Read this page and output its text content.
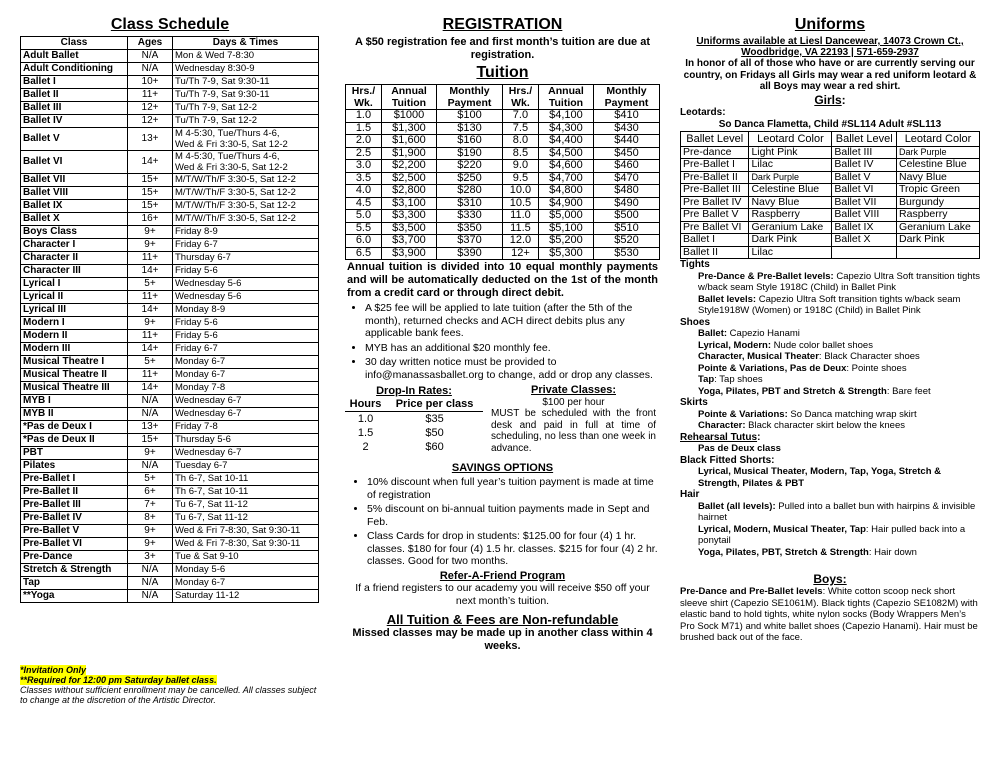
Class Schedule
Class	Ages	Days & Times
Adult Ballet	N/A	Mon & Wed 7-8:30
Adult Conditioning	N/A	Wednesday 8:30-9
Ballet I	10+	Tu/Th 7-9, Sat 9:30-11
Ballet II	11+	Tu/Th 7-9, Sat 9:30-11
Ballet III	12+	Tu/Th 7-9, Sat 12-2
Ballet IV	12+	Tu/Th 7-9, Sat 12-2
Ballet V	13+	M 4-5:30, Tue/Thurs 4-6,
Wed & Fri 3:30-5, Sat 12-2
Ballet VI	14+	M 4-5:30, Tue/Thurs 4-6,
Wed & Fri 3:30-5, Sat 12-2
Ballet VII	15+	M/T/W/Th/F 3:30-5, Sat 12-2
Ballet VIII	15+	M/T/W/Th/F 3:30-5, Sat 12-2
Ballet IX	15+	M/T/W/Th/F 3:30-5, Sat 12-2
Ballet X	16+	M/T/W/Th/F 3:30-5, Sat 12-2
Boys Class	9+	Friday 8-9
Character I	9+	Friday 6-7
Character II	11+	Thursday 6-7
Character III	14+	Friday 5-6
Lyrical I	5+	Wednesday 5-6
Lyrical II	11+	Wednesday 5-6
Lyrical III	14+	Monday 8-9
Modern I	9+	Friday 5-6
Modern II	11+	Friday 5-6
Modern III	14+	Friday 6-7
Musical Theatre I	5+	Monday 6-7
Musical Theatre II	11+	Monday 6-7
Musical Theatre III	14+	Monday 7-8
MYB I	N/A	Wednesday 6-7
MYB II	N/A	Wednesday 6-7
*Pas de Deux I	13+	Friday 7-8
*Pas de Deux II	15+	Thursday 5-6
PBT	9+	Wednesday 6-7
Pilates	N/A	Tuesday 6-7
Pre-Ballet I	5+	Th 6-7, Sat 10-11
Pre-Ballet II	6+	Th 6-7, Sat 10-11
Pre-Ballet III	7+	Tu 6-7, Sat 11-12
Pre-Ballet IV	8+	Tu 6-7, Sat 11-12
Pre-Ballet V	9+	Wed & Fri 7-8:30, Sat 9:30-11
Pre-Ballet VI	9+	Wed & Fri 7-8:30, Sat 9:30-11
Pre-Dance	3+	Tue & Sat 9-10
Stretch & Strength	N/A	Monday 5-6
Tap	N/A	Monday 6-7
**Yoga	N/A	Saturday 11-12
*Invitation Only
**Required for 12:00 pm Saturday ballet class.
Classes without sufficient enrollment may be cancelled. All classes subject to change at the discretion of the Artistic Director.
REGISTRATION
A $50 registration fee and first month’s tuition are due at registration.
Tuition
Hrs./ Wk.	Annual Tuition	Monthly Payment	Hrs./ Wk.	Annual Tuition	Monthly Payment
1.0	$1000	$100	7.0	$4,100	$410
1.5	$1,300	$130	7.5	$4,300	$430
2.0	$1,600	$160	8.0	$4,400	$440
2.5	$1,900	$190	8.5	$4,500	$450
3.0	$2,200	$220	9.0	$4,600	$460
3.5	$2,500	$250	9.5	$4,700	$470
4.0	$2,800	$280	10.0	$4,800	$480
4.5	$3,100	$310	10.5	$4,900	$490
5.0	$3,300	$330	11.0	$5,000	$500
5.5	$3,500	$350	11.5	$5,100	$510
6.0	$3,700	$370	12.0	$5,200	$520
6.5	$3,900	$390	12+	$5,300	$530
Annual tuition is divided into 10 equal monthly payments and will be automatically deducted on the 1st of the month from a credit card or through direct debit.
• A $25 fee will be applied to late tuition (after the 5th of the month), returned checks and ACH direct debits plus any applicable bank fees.
• MYB has an additional $20 monthly fee.
• 30 day written notice must be provided to info@manassasballet.org to change, add or drop any classes.
Drop-In Rates:
Hours	Price per class
1.0	$35
1.5	$50
2	$60
Private Classes:
$100 per hour
MUST be scheduled with the front desk and paid in full at time of scheduling, no less than one week in advance.
SAVINGS OPTIONS
• 10% discount when full year’s tuition payment is made at time of registration
• 5% discount on bi-annual tuition payments made in Sept and Feb.
• Class Cards for drop in students: $125.00 for four (4) 1 hr. classes. $180 for four (4) 1.5 hr. classes. $215 for four (4) 2 hr. classes. Good for two months.
Refer-A-Friend Program
If a friend registers to our academy you will receive $50 off your next month’s tuition.
All Tuition & Fees are Non-refundable
Missed classes may be made up in another class within 4 weeks.
Uniforms
Uniforms available at Liesl Dancewear, 14073 Crown Ct., Woodbridge, VA 22193 | 571-659-2937
In honor of all of those who have or are currently serving our country, on Fridays all Girls may wear a red uniform leotard & all Boys may wear a red shirt.
Girls:
Leotards:
So Danca Flametta, Child #SL114 Adult #SL113
Ballet Level	Leotard Color	Ballet Level	Leotard Color
Pre-dance	Light Pink	Ballet III	Dark Purple
Pre-Ballet I	Lilac	Ballet IV	Celestine Blue
Pre-Ballet II	Dark Purple	Ballet V	Navy Blue
Pre-Ballet III	Celestine Blue	Ballet VI	Tropic Green
Pre Ballet IV	Navy Blue	Ballet VII	Burgundy
Pre Ballet V	Raspberry	Ballet VIII	Raspberry
Pre Ballet VI	Geranium Lake	Ballet IX	Geranium Lake
Ballet I	Dark Pink	Ballet X	Dark Pink
Ballet II	Lilac		
Tights
Pre-Dance & Pre-Ballet levels: Capezio Ultra Soft transition tights w/back seam Style 1918C (Child) in Ballet Pink
Ballet levels: Capezio Ultra Soft transition tights w/back seam Style1918W (Women) or 1918C (Child) in Ballet Pink
Shoes
Ballet: Capezio Hanami
Lyrical, Modern: Nude color ballet shoes
Character, Musical Theater: Black Character shoes
Pointe & Variations, Pas de Deux: Pointe shoes
Tap: Tap shoes
Yoga, Pilates, PBT and Stretch & Strength: Bare feet
Skirts
Pointe & Variations: So Danca matching wrap skirt
Character: Black character skirt below the knees
Rehearsal Tutus:
Pas de Deux class
Black Fitted Shorts:
Lyrical, Musical Theater, Modern, Tap, Yoga, Stretch & Strength, Pilates & PBT
Hair
Ballet (all levels): Pulled into a ballet bun with hairpins & invisible hairnet
Lyrical, Modern, Musical Theater, Tap: Hair pulled back into a ponytail
Yoga, Pilates, PBT, Stretch & Strength: Hair down
Boys:
Pre-Dance and Pre-Ballet levels: White cotton scoop neck short sleeve shirt (Capezio SE1061M). Black tights (Capezio SE1082M) with elastic band to hold tights, white nylon socks (Body Wrappers Men’s Pro Sock M71) and white ballet shoes (Capezio Hanami). Hair must be brushed back out of the face.
